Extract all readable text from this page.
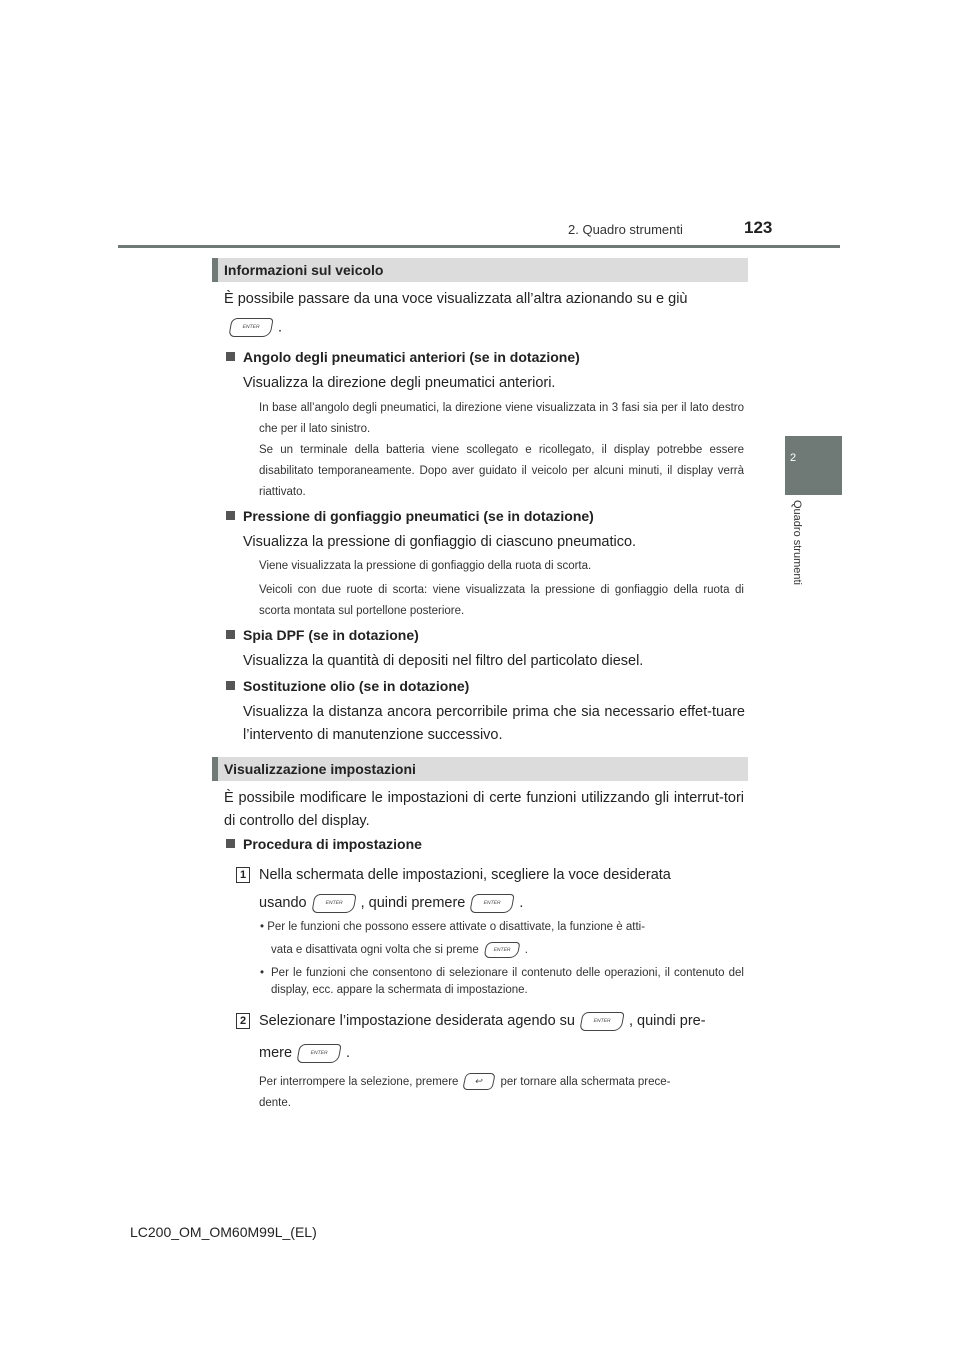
2. Quadro strumenti	123
2
Quadro strumenti
Informazioni sul veicolo
È possibile passare da una voce visualizzata all’altra azionando su e giù
ENTER .
Angolo degli pneumatici anteriori (se in dotazione)
Visualizza la direzione degli pneumatici anteriori.
In base all’angolo degli pneumatici, la direzione viene visualizzata in 3 fasi sia per il lato destro che per il lato sinistro.
Se un terminale della batteria viene scollegato e ricollegato, il display potrebbe essere disabilitato temporaneamente. Dopo aver guidato il veicolo per alcuni minuti, il display verrà riattivato.
Pressione di gonfiaggio pneumatici (se in dotazione)
Visualizza la pressione di gonfiaggio di ciascuno pneumatico.
Viene visualizzata la pressione di gonfiaggio della ruota di scorta.
Veicoli con due ruote di scorta: viene visualizzata la pressione di gonfiaggio della ruota di scorta montata sul portellone posteriore.
Spia DPF (se in dotazione)
Visualizza la quantità di depositi nel filtro del particolato diesel.
Sostituzione olio (se in dotazione)
Visualizza la distanza ancora percorribile prima che sia necessario effet-tuare l’intervento di manutenzione successivo.
Visualizzazione impostazioni
È possibile modificare le impostazioni di certe funzioni utilizzando gli interrut-tori di controllo del display.
Procedura di impostazione
1 Nella schermata delle impostazioni, scegliere la voce desiderata
usando	ENTER , quindi premere	ENTER .
• Per le funzioni che possono essere attivate o disattivate, la funzione è atti-
vata e disattivata ogni volta che si preme	ENTER .
• Per le funzioni che consentono di selezionare il contenuto delle operazioni, il contenuto del display, ecc. appare la schermata di impostazione.
2 Selezionare l’impostazione desiderata agendo su	ENTER , quindi pre-
mere	ENTER .
Per interrompere la selezione, premere ↩ per tornare alla schermata prece-
dente.
LC200_OM_OM60M99L_(EL)
